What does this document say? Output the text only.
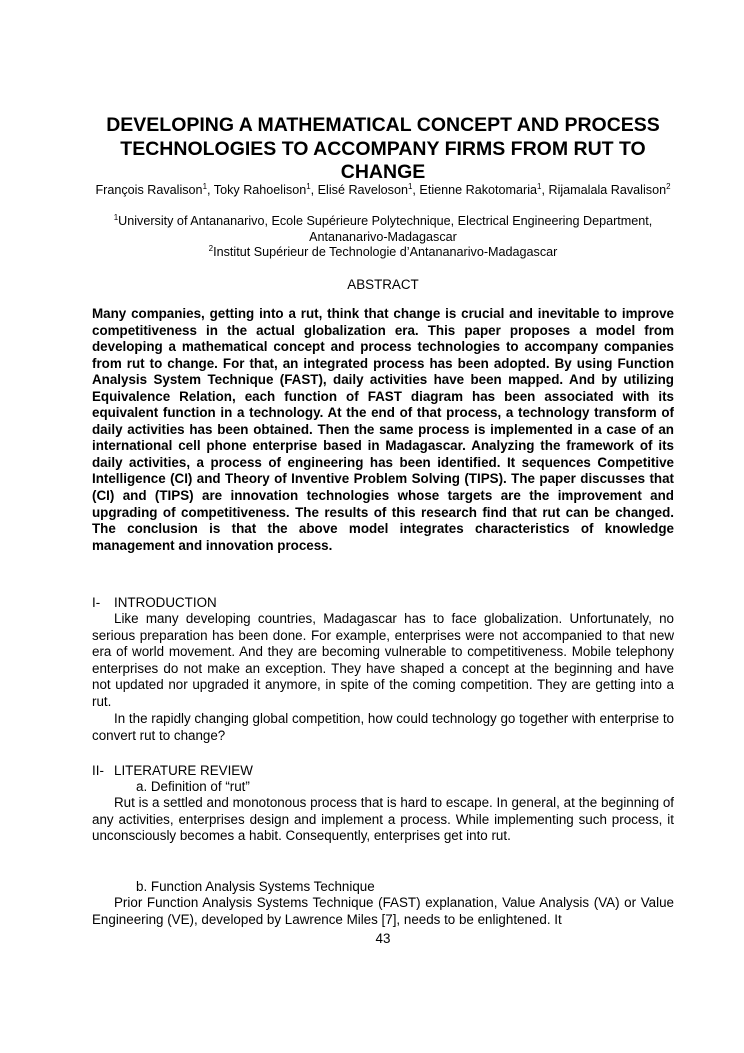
DEVELOPING A MATHEMATICAL CONCEPT AND PROCESS TECHNOLOGIES TO ACCOMPANY FIRMS FROM RUT TO CHANGE

François Ravalison$^1$, Toky Rahoelison$^1$, Elisé Raveloson$^1$, Etienne Rakotomaria$^1$, Rijamalala Ravalison$^2$

$^1$University of Antananarivo, Ecole Supérieure Polytechnique, Electrical Engineering Department, Antananarivo-Madagascar

$^2$Institut Supérieur de Technologie d’Antananarivo-Madagascar

ABSTRACT

Many companies, getting into a rut, think that change is crucial and inevitable to improve competitiveness in the actual globalization era. This paper proposes a model from developing a mathematical concept and process technologies to accompany companies from rut to change. For that, an integrated process has been adopted. By using Function Analysis System Technique (FAST), daily activities have been mapped. And by utilizing Equivalence Relation, each function of FAST diagram has been associated with its equivalent function in a technology. At the end of that process, a technology transform of daily activities has been obtained. Then the same process is implemented in a case of an international cell phone enterprise based in Madagascar. Analyzing the framework of its daily activities, a process of engineering has been identified. It sequences Competitive Intelligence (CI) and Theory of Inventive Problem Solving (TIPS). The paper discusses that (CI) and (TIPS) are innovation technologies whose targets are the improvement and upgrading of competitiveness. The results of this research find that rut can be changed. The conclusion is that the above model integrates characteristics of knowledge management and innovation process.

I- INTRODUCTION

Like many developing countries, Madagascar has to face globalization. Unfortunately, no serious preparation has been done. For example, enterprises were not accompanied to that new era of world movement. And they are becoming vulnerable to competitiveness. Mobile telephony enterprises do not make an exception. They have shaped a concept at the beginning and have not updated nor upgraded it anymore, in spite of the coming competition. They are getting into a rut.

In the rapidly changing global competition, how could technology go together with enterprise to convert rut to change?

II- LITERATURE REVIEW

a. Definition of “rut”

Rut is a settled and monotonous process that is hard to escape. In general, at the beginning of any activities, enterprises design and implement a process. While implementing such process, it unconsciously becomes a habit. Consequently, enterprises get into rut.

b. Function Analysis Systems Technique

Prior Function Analysis Systems Technique (FAST) explanation, Value Analysis (VA) or Value Engineering (VE), developed by Lawrence Miles [7], needs to be enlightened. It

43
